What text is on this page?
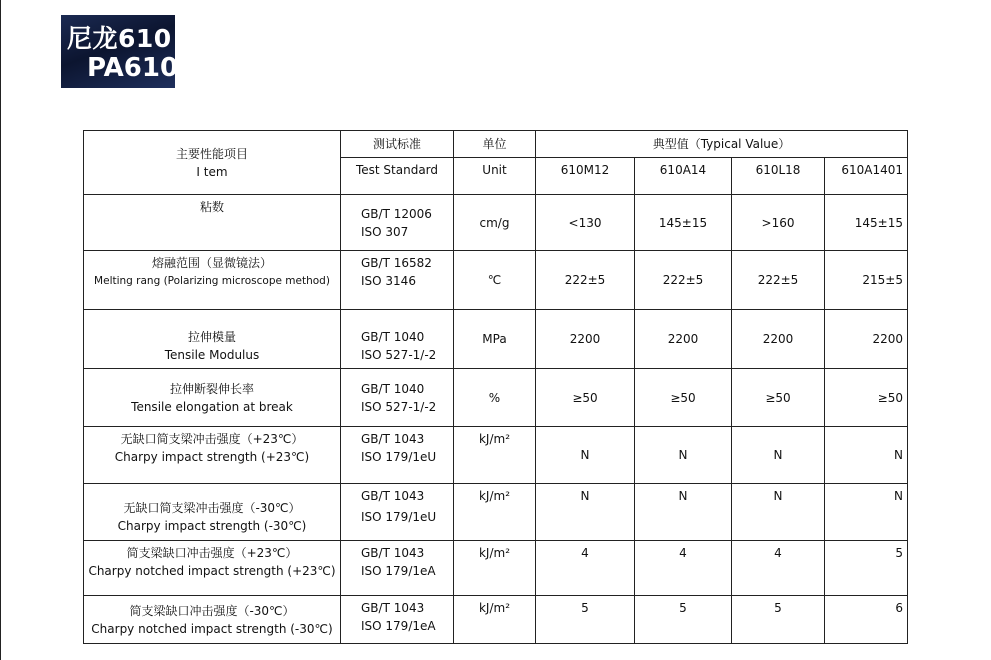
尼龙610
PA610
主要性能项目
I tem	测试标准	单位	典型值（Typical Value）			
	Test Standard	Unit	610M12	610A14	610L18	610A1401

粘数	GB/T 12006
ISO 307	cm/g	<130	145±15	>160	145±15

熔融范围（显微镜法）
Melting rang (Polarizing microscope method)	GB/T 16582
ISO 3146	℃	222±5	222±5	222±5	215±5

拉伸模量
Tensile Modulus	GB/T 1040
ISO 527-1/-2	MPa	2200	2200	2200	2200

拉伸断裂伸长率
Tensile elongation at break	GB/T 1040
ISO 527-1/-2	%	≥50	≥50	≥50	≥50

无缺口简支梁冲击强度（+23℃）
Charpy impact strength (+23℃)	GB/T 1043
ISO 179/1eU	kJ/m²	N	N	N	N

无缺口简支梁冲击强度（-30℃）
Charpy impact strength (-30℃)	GB/T 1043
ISO 179/1eU	kJ/m²	N	N	N	N

简支梁缺口冲击强度（+23℃）
Charpy notched impact strength (+23℃)	GB/T 1043
ISO 179/1eA	kJ/m²	4	4	4	5

简支梁缺口冲击强度（-30℃）
Charpy notched impact strength (-30℃)	GB/T 1043
ISO 179/1eA	kJ/m²	5	5	5	6
